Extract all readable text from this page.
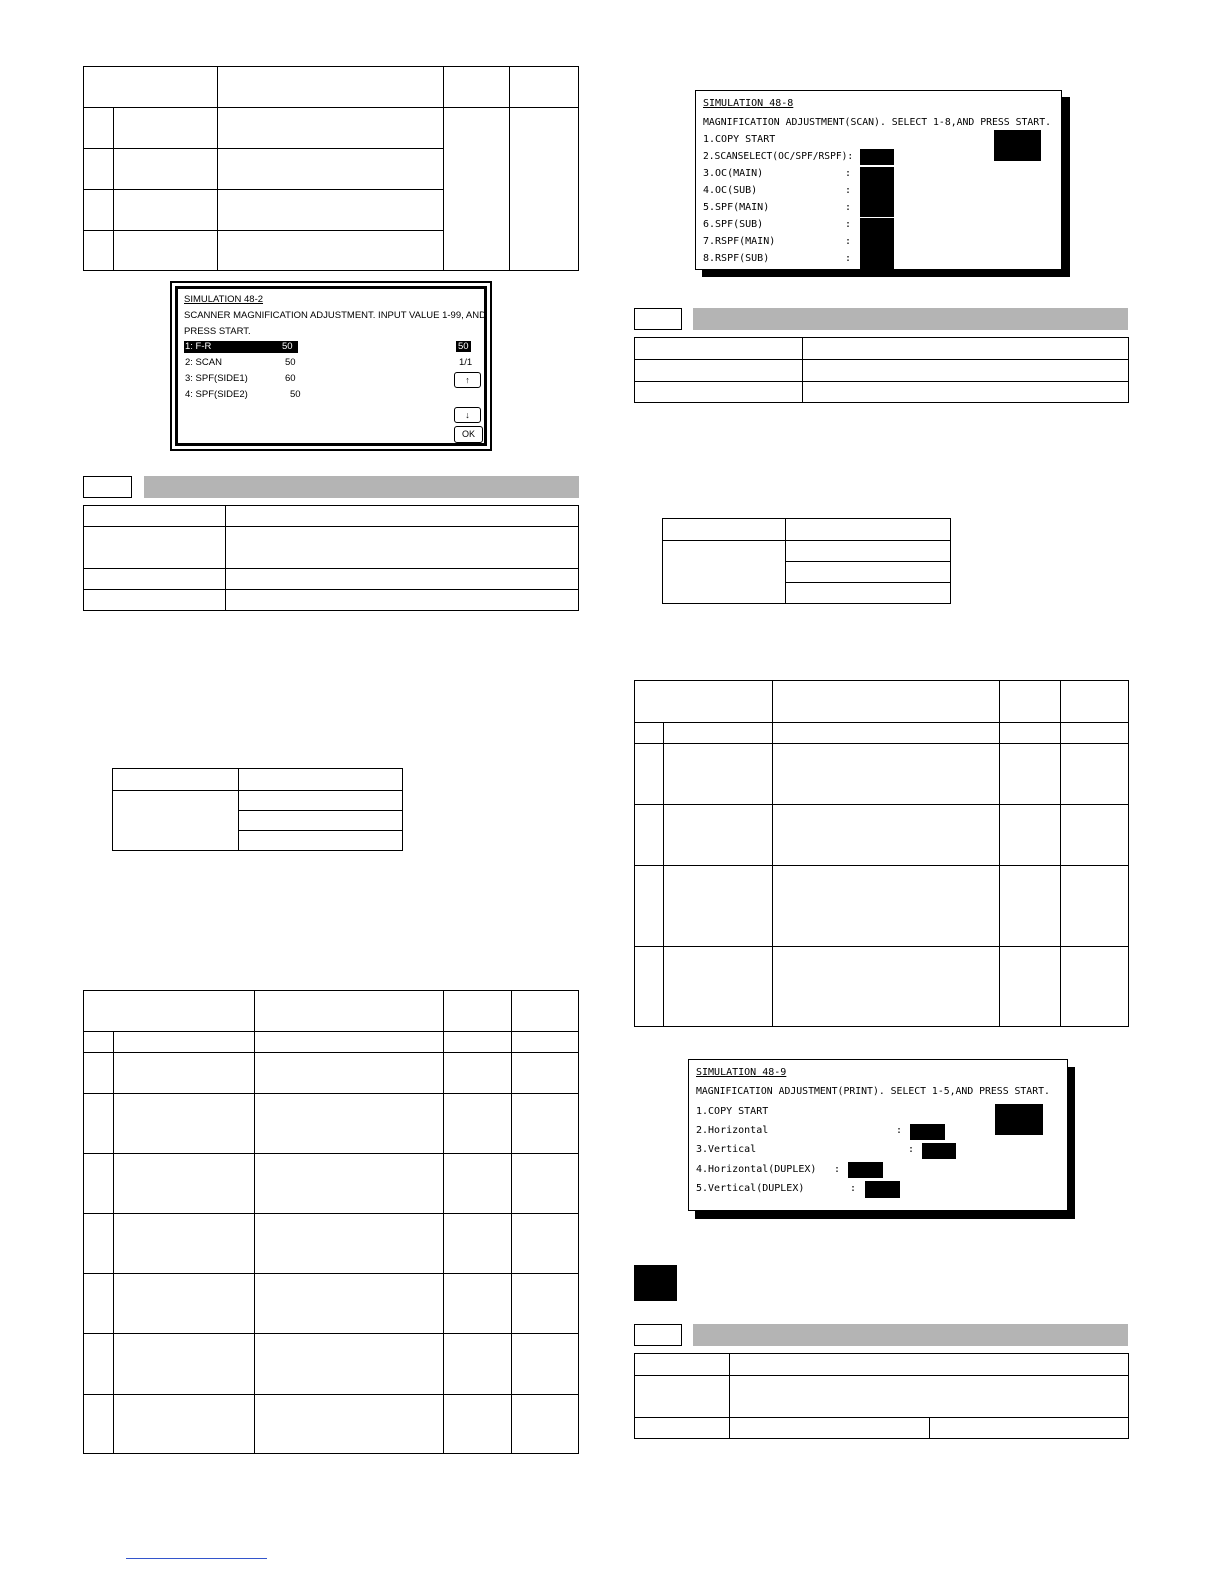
SIMULATION 48-2
SCANNER MAGNIFICATION ADJUSTMENT. INPUT VALUE 1-99, AND
PRESS START.
1: F-R	50
2: SCAN	50
3: SPF(SIDE1)	60
4: SPF(SIDE2)	50
50
1/1
↑
↓
OK

SIMULATION 48-8
MAGNIFICATION ADJUSTMENT(SCAN). SELECT 1-8,AND PRESS START.
1.COPY START
2.SCANSELECT(OC/SPF/RSPF):
3.OC(MAIN)
4.OC(SUB)
5.SPF(MAIN)
6.SPF(SUB)
7.RSPF(MAIN)
8.RSPF(SUB)
:
:
:
:
:
:

SIMULATION 48-9
MAGNIFICATION ADJUSTMENT(PRINT). SELECT 1-5,AND PRESS START.
1.COPY START
2.Horizontal
3.Vertical
4.Horizontal(DUPLEX)
5.Vertical(DUPLEX)
:
:
:
:
